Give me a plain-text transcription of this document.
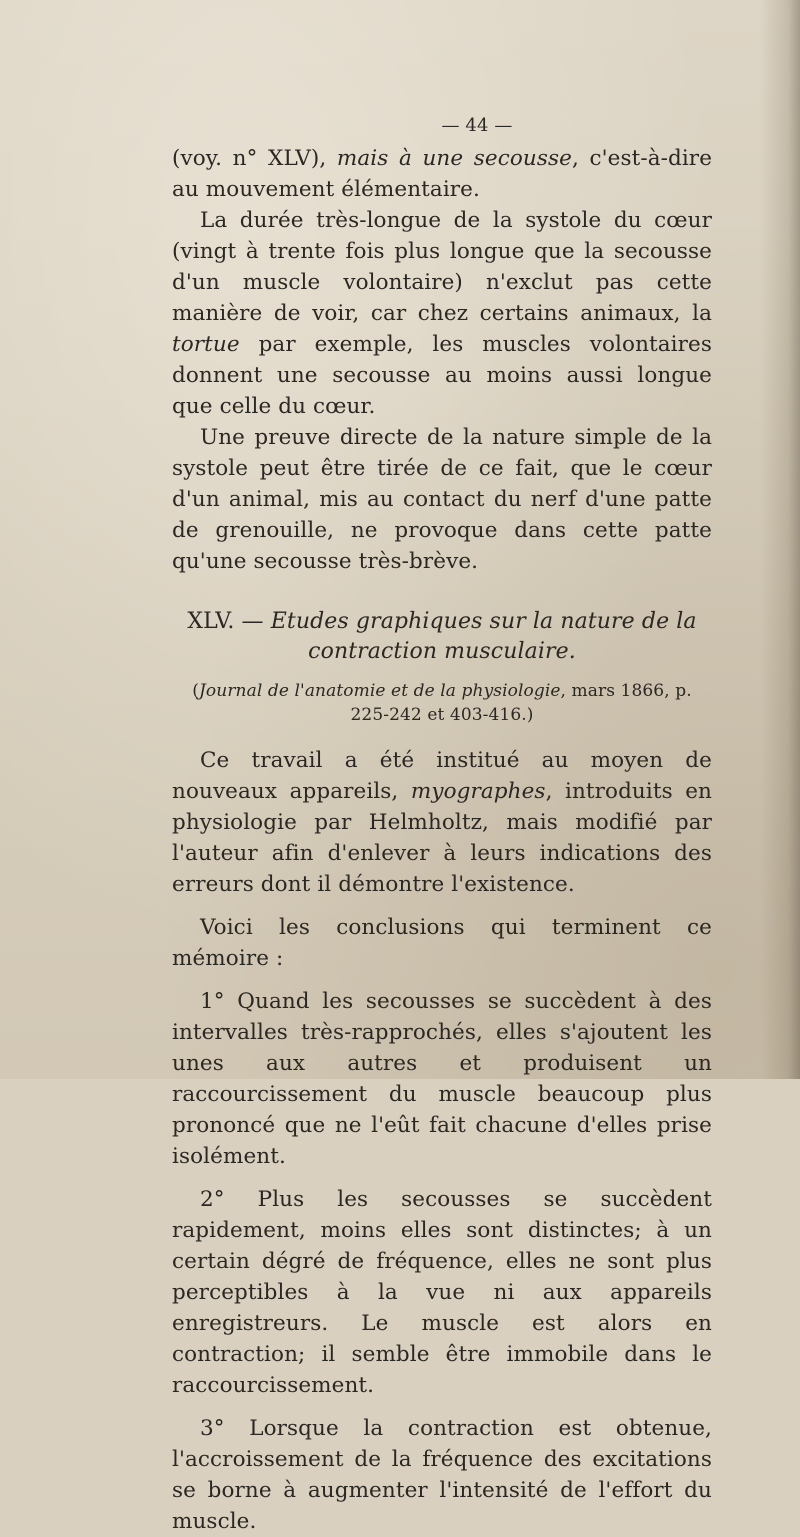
— 44 —

(voy. n° XLV), mais à une secousse, c'est-à-dire au mouvement élémentaire.

La durée très-longue de la systole du cœur (vingt à trente fois plus longue que la secousse d'un muscle volontaire) n'exclut pas cette manière de voir, car chez certains animaux, la tortue par exemple, les muscles volontaires donnent une secousse au moins aussi longue que celle du cœur.

Une preuve directe de la nature simple de la systole peut être tirée de ce fait, que le cœur d'un animal, mis au contact du nerf d'une patte de grenouille, ne provoque dans cette patte qu'une secousse très-brève.

XLV. — Etudes graphiques sur la nature de la contraction musculaire.
(Journal de l'anatomie et de la physiologie, mars 1866, p. 225-242 et 403-416.)

Ce travail a été institué au moyen de nouveaux appareils, myographes, introduits en physiologie par Helmholtz, mais modifié par l'auteur afin d'enlever à leurs indications des erreurs dont il démontre l'existence.

Voici les conclusions qui terminent ce mémoire :

1° Quand les secousses se succèdent à des intervalles très-rapprochés, elles s'ajoutent les unes aux autres et produisent un raccourcissement du muscle beaucoup plus prononcé que ne l'eût fait chacune d'elles prise isolément.

2° Plus les secousses se succèdent rapidement, moins elles sont distinctes; à un certain dégré de fréquence, elles ne sont plus perceptibles à la vue ni aux appareils enregistreurs. Le muscle est alors en contraction; il semble être immobile dans le raccourcissement.

3° Lorsque la contraction est obtenue, l'accroissement de la fréquence des excitations se borne à augmenter l'intensité de l'effort du muscle.
